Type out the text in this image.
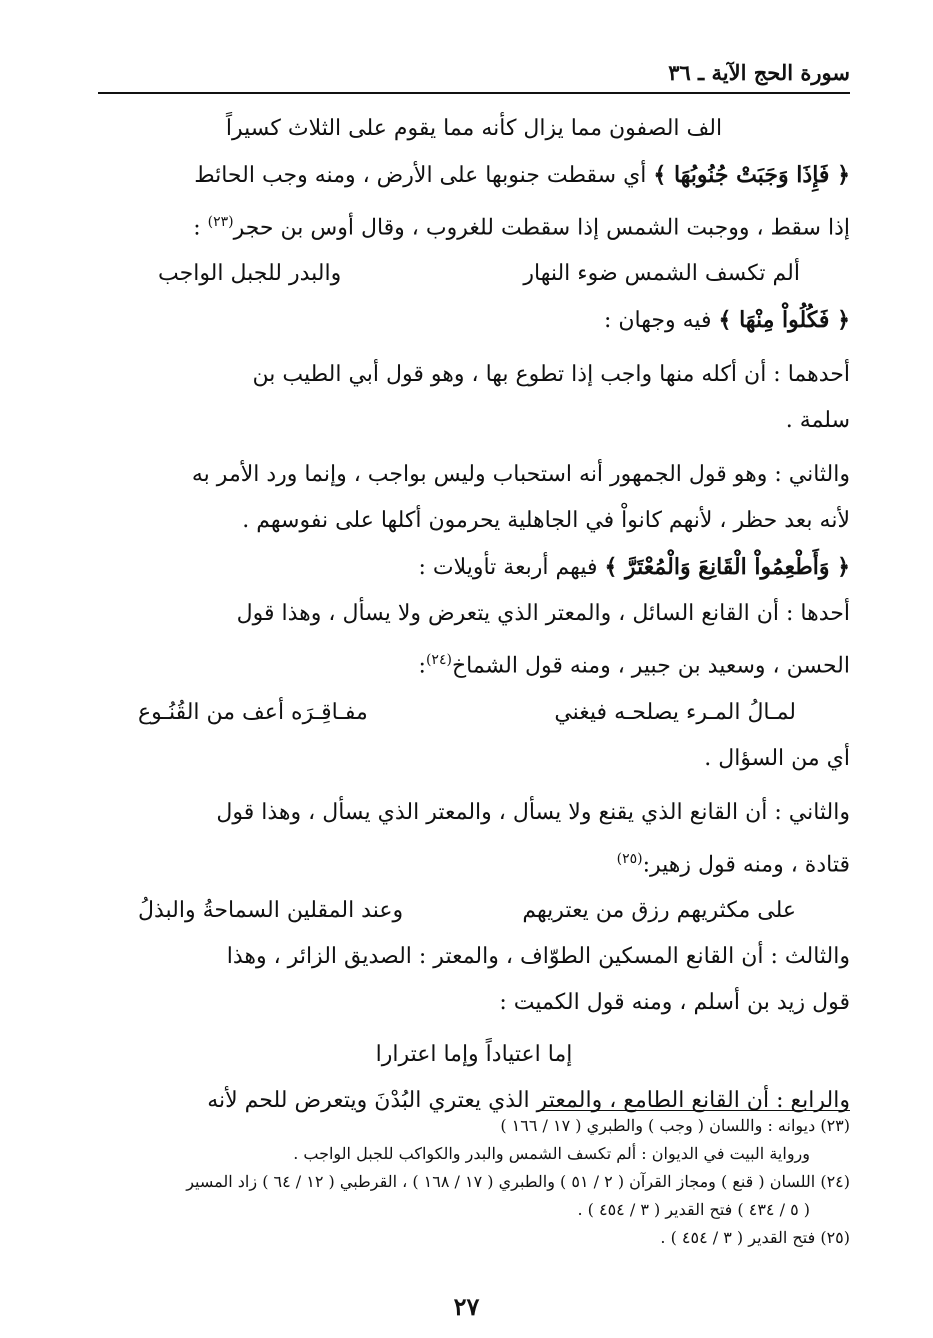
سورة الحج الآية ـ ٣٦
الف الصفون مما يزال كأنه مما يقوم على الثلاث كسيراً
﴿ فَإِذَا وَجَبَتْ جُنُوبُهَا ﴾ أي سقطت جنوبها على الأرض ، ومنه وجب الحائط
إذا سقط ، ووجبت الشمس إذا سقطت للغروب ، وقال أوس بن حجر$^{(٢٣)}$ :
ألم تكسف الشمس ضوء النهار
والبدر للجبل الواجب
﴿ فَكُلُواْ مِنْهَا ﴾ فيه وجهان :
أحدهما : أن أكله منها واجب إذا تطوع بها ، وهو قول أبي الطيب بن
سلمة .
والثاني : وهو قول الجمهور أنه استحباب وليس بواجب ، وإنما ورد الأمر به
لأنه بعد حظر ، لأنهم كانواْ في الجاهلية يحرمون أكلها على نفوسهم .
﴿ وَأَطْعِمُواْ الْقَانِعَ وَالْمُعْتَرَّ ﴾ فيهم أربعة تأويلات :
أحدها : أن القانع السائل ، والمعتر الذي يتعرض ولا يسأل ، وهذا قول
الحسن ، وسعيد بن جبير ، ومنه قول الشماخ$^{(٢٤)}$:
لمـالُ المـرء يصلحـه فيغني
مفـاقِـرَه أعف من القُنُـوع
أي من السؤال .
والثاني : أن القانع الذي يقنع ولا يسأل ، والمعتر الذي يسأل ، وهذا قول
قتادة ، ومنه قول زهير:$^{(٢٥)}$
على مكثريهم رزق من يعتريهم
وعند المقلين السماحةُ والبذلُ
والثالث : أن القانع المسكين الطوّاف ، والمعتر : الصديق الزائر ، وهذا
قول زيد بن أسلم ، ومنه قول الكميت :
إما اعتياداً وإما اعترارا
والرابع : أن القانع الطامع ، والمعتر الذي يعتري البُدْنَ ويتعرض للحم لأنه
(٢٣) ديوانه : واللسان ( وجب ) والطبري ( ١٧ / ١٦٦ )
ورواية البيت في الديوان : ألم تكسف الشمس والبدر والكواكب للجبل الواجب .
(٢٤) اللسان ( قنع ) ومجاز القرآن ( ٢ / ٥١ ) والطبري ( ١٧ / ١٦٨ ) ، القرطبي ( ١٢ / ٦٤ ) زاد المسير
( ٥ / ٤٣٤ ) فتح القدير ( ٣ / ٤٥٤ ) .
(٢٥) فتح القدير ( ٣ / ٤٥٤ ) .
٢٧
